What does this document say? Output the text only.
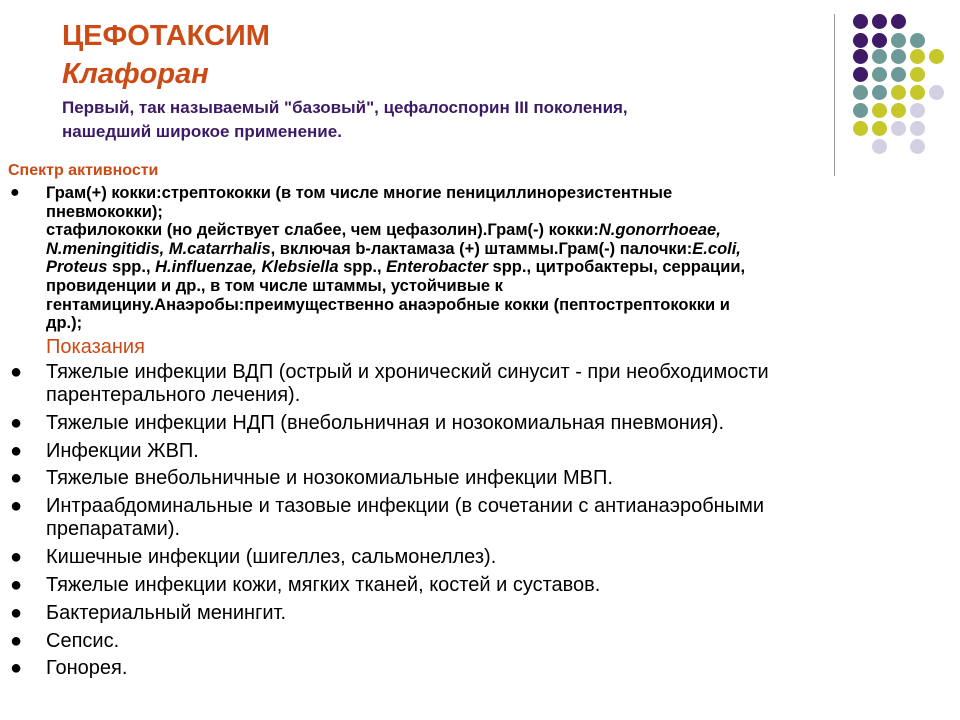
ЦЕФОТАКСИМ
Клафоран
Первый, так называемый "базовый", цефалоспорин III поколения,
нашедший широкое применение.
Спектр активности
● Грам(+) кокки:стрептококки (в том числе многие пенициллинорезистентные
пневмококки);
стафилококки (но действует слабее, чем цефазолин).Грам(-) кокки:N.gonorrhoeae,
N.meningitidis, M.catarrhalis, включая b-лактамаза (+) штаммы.Грам(-) палочки:E.coli,
Proteus spp., H.influenzae, Klebsiella spp., Enterobacter spp., цитробактеры, серрации,
провиденции и др., в том числе штаммы, устойчивые к
гентамицину.Анаэробы:преимущественно анаэробные кокки (пептострептококки и
др.);
Показания
● Тяжелые инфекции ВДП (острый и хронический синусит - при необходимости
парентерального лечения).
● Тяжелые инфекции НДП (внебольничная и нозокомиальная пневмония).
● Инфекции ЖВП.
● Тяжелые внебольничные и нозокомиальные инфекции МВП.
● Интраабдоминальные и тазовые инфекции (в сочетании с антианаэробными
препаратами).
● Кишечные инфекции (шигеллез, сальмонеллез).
● Тяжелые инфекции кожи, мягких тканей, костей и суставов.
● Бактериальный менингит.
● Сепсис.
● Гонорея.
